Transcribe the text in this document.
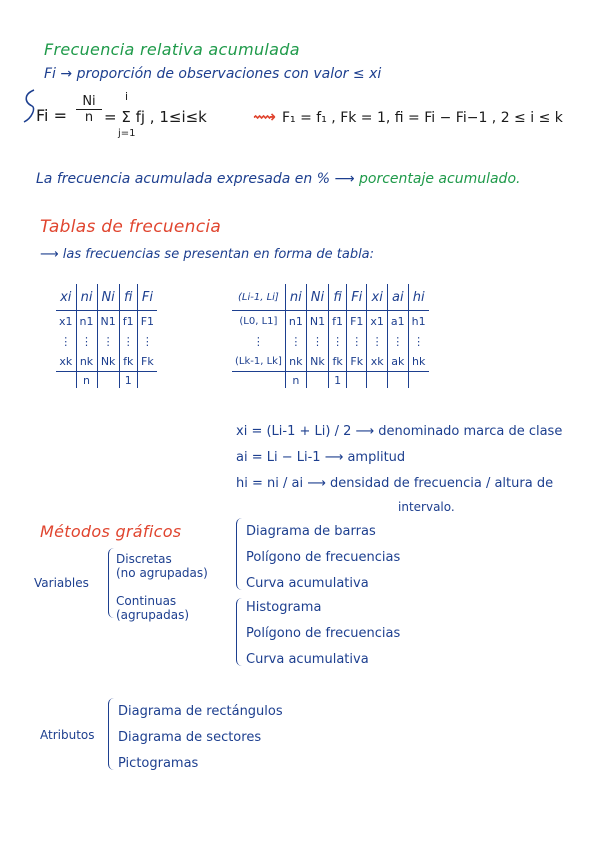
Frecuencia relativa acumulada
Fi → proporción de observaciones con valor ≤ xi
$Fi = \frac{Ni}{n}$ i
= Σ fj , 1≤i≤k
j=1
⟿ F₁ = f₁ , Fk = 1, fi = Fi − Fi−1 , 2 ≤ i ≤ k
La frecuencia acumulada expresada en % ⟶ porcentaje acumulado.
Tablas de frecuencia
⟶ las frecuencias se presentan en forma de tabla:
xi	ni	Ni	fi	Fi
x1	n1	N1	f1	F1
⋮	⋮	⋮	⋮	⋮
xk	nk	Nk	fk	Fk
	n		1	
(Li-1, Li]	ni	Ni	fi	Fi	xi	ai	hi
(L0, L1]	n1	N1	f1	F1	x1	a1	h1
⋮	⋮	⋮	⋮	⋮	⋮	⋮	⋮
(Lk-1, Lk]	nk	Nk	fk	Fk	xk	ak	hk
	n		1				
xi = (Li-1 + Li) / 2 ⟶ denominado marca de clase
ai = Li − Li-1 ⟶ amplitud
hi = ni / ai ⟶ densidad de frecuencia / altura de
intervalo.
Métodos gráficos
Variables
Discretas
(no agrupadas)
Continuas
(agrupadas)
Diagrama de barras
Polígono de frecuencias
Curva acumulativa
Histograma
Polígono de frecuencias
Curva acumulativa
Atributos
Diagrama de rectángulos
Diagrama de sectores
Pictogramas
